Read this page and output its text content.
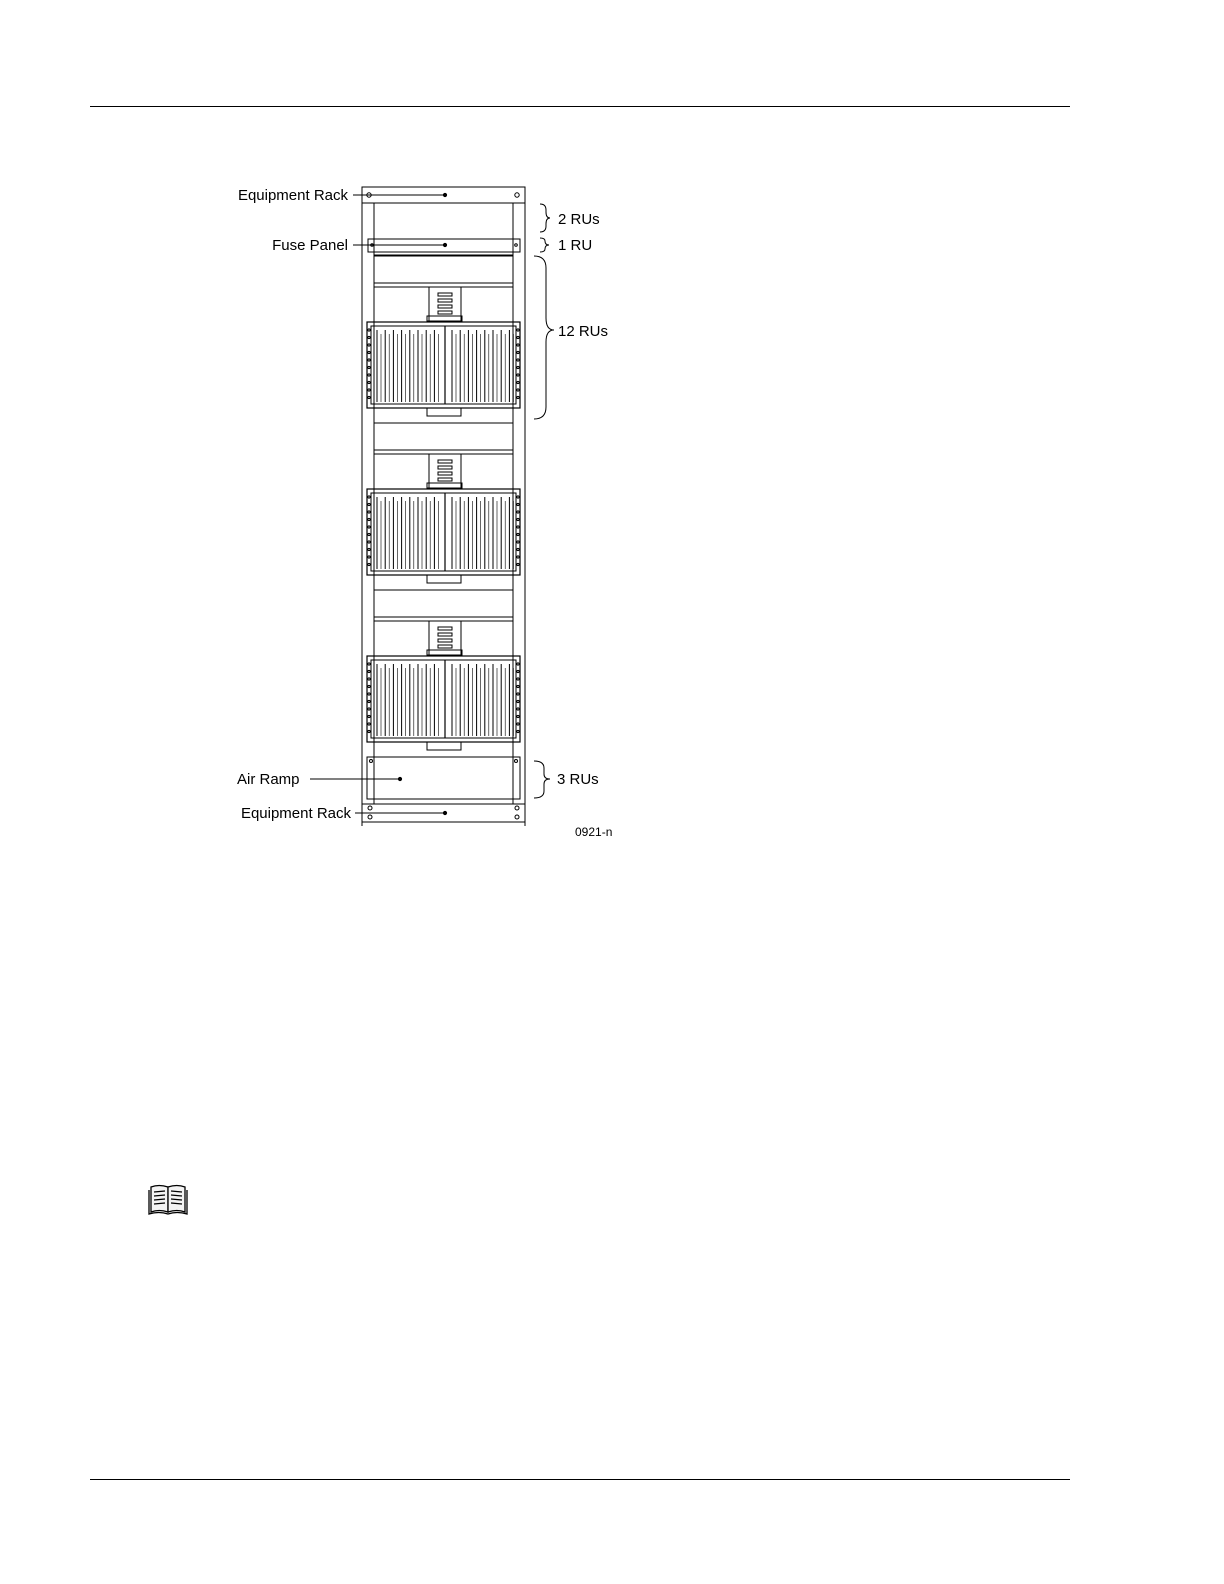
Equipment Rack
Fuse Panel
Air Ramp
Equipment Rack
2 RUs
1 RU
12 RUs
3 RUs
0921-n
